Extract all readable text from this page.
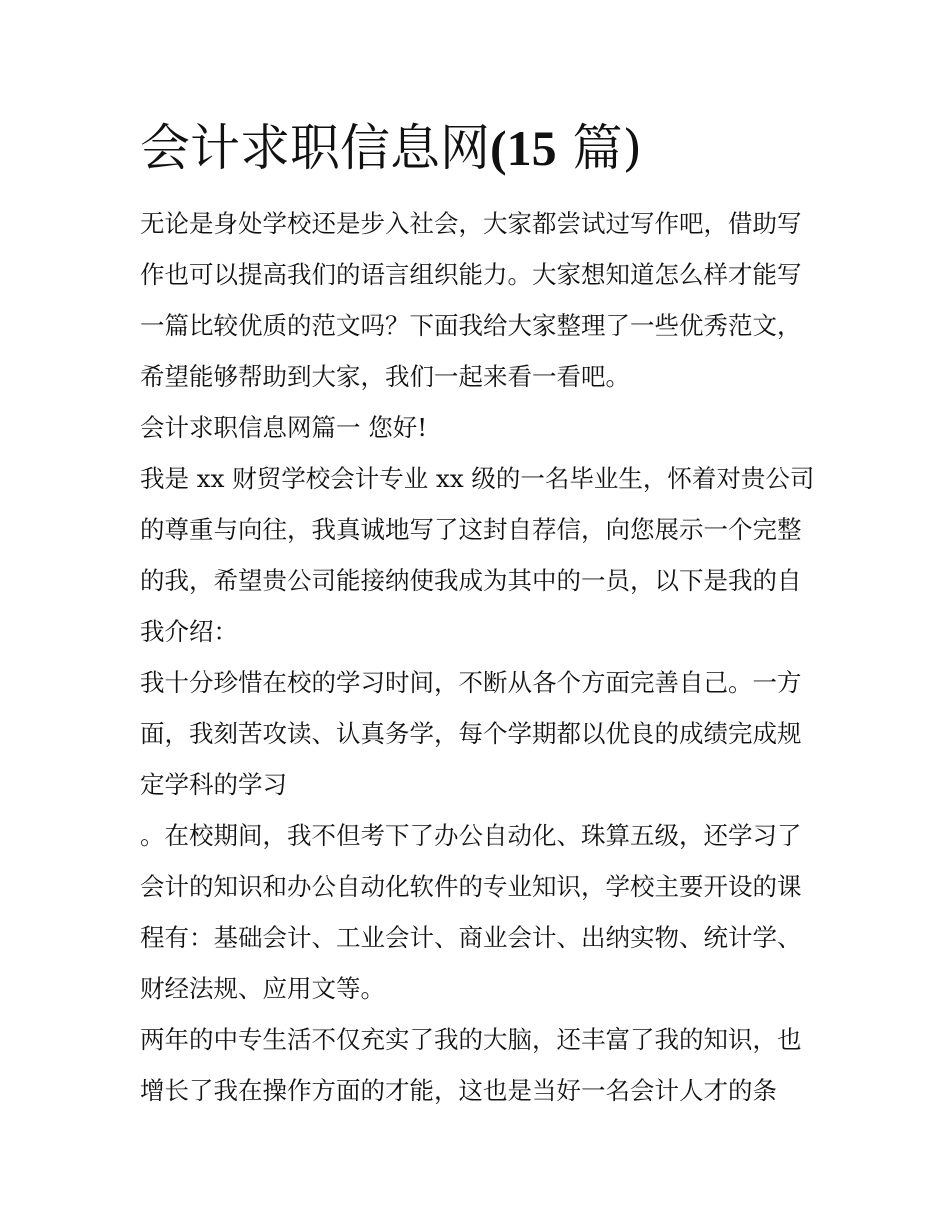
会计求职信息网(15 篇)
无论是身处学校还是步入社会，大家都尝试过写作吧，借助写
作也可以提高我们的语言组织能力。大家想知道怎么样才能写
一篇比较优质的范文吗？下面我给大家整理了一些优秀范文，
希望能够帮助到大家，我们一起来看一看吧。
会计求职信息网篇一 您好!
我是 xx 财贸学校会计专业 xx 级的一名毕业生，怀着对贵公司
的尊重与向往，我真诚地写了这封自荐信，向您展示一个完整
的我，希望贵公司能接纳使我成为其中的一员，以下是我的自
我介绍：
我十分珍惜在校的学习时间，不断从各个方面完善自己。一方
面，我刻苦攻读、认真务学，每个学期都以优良的成绩完成规
定学科的学习
。在校期间，我不但考下了办公自动化、珠算五级，还学习了
会计的知识和办公自动化软件的专业知识，学校主要开设的课
程有：基础会计、工业会计、商业会计、出纳实物、统计学、
财经法规、应用文等。
两年的中专生活不仅充实了我的大脑，还丰富了我的知识，也
增长了我在操作方面的才能，这也是当好一名会计人才的条
